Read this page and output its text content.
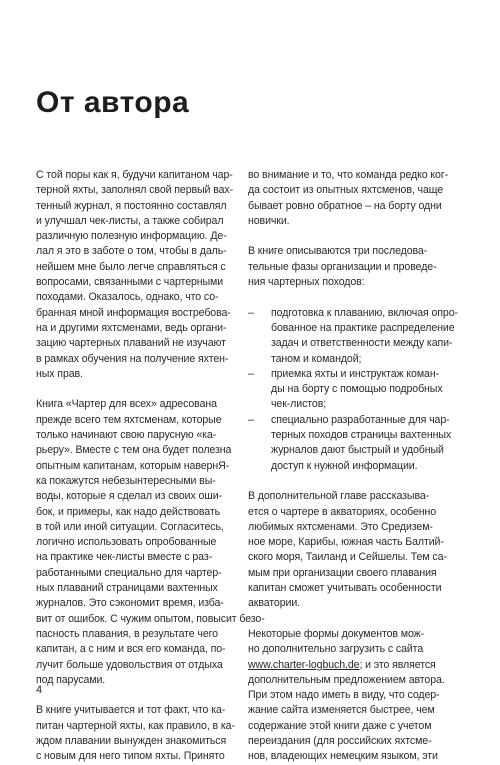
От автора
С той поры как я, будучи капитаном чар-
терной яхты, заполнял свой первый вах-
тенный журнал, я постоянно составлял
и улучшал чек-листы, а также собирал
различную полезную информацию. Де-
лал я это в заботе о том, чтобы в даль-
нейшем мне было легче справляться с
вопросами, связанными с чартерными
походами. Оказалось, однако, что со-
бранная мной информация востребова-
на и другими яхтсменами, ведь органи-
зацию чартерных плаваний не изучают
в рамках обучения на получение яхтен-
ных прав.
Книга «Чартер для всех» адресована
прежде всего тем яхтсменам, которые
только начинают свою парусную «ка-
рьеру». Вместе с тем она будет полезна
опытным капитанам, которым навернЯ-
ка покажутся небезынтересными вы-
воды, которые я сделал из своих оши-
бок, и примеры, как надо действовать
в той или иной ситуации. Согласитесь,
логично использовать опробованные
на практике чек-листы вместе с раз-
работанными специально для чартер-
ных плаваний страницами вахтенных
журналов. Это сэкономит время, изба-
вит от ошибок. С чужим опытом, повысит безо-
пасность плавания, в результате чего
капитан, а с ним и вся его команда, по-
лучит больше удовольствия от отдыха
под парусами.
В книге учитывается и тот факт, что ка-
питан чартерной яхты, как правило, в ка-
ждом плавании вынужден знакомиться
с новым для него типом яхты. Принято
во внимание и то, что команда редко ког-
да состоит из опытных яхтсменов, чаще
бывает ровно обратное – на борту одни
новички.
В книге описываются три последова-
тельные фазы организации и проведе-
ния чартерных походов:
– подготовка к плаванию, включая опро-
бованное на практике распределение
задач и ответственности между капи-
таном и командой;
– приемка яхты и инструктаж коман-
ды на борту с помощью подробных
чек-листов;
– специально разработанные для чар-
терных походов страницы вахтенных
журналов дают быстрый и удобный
доступ к нужной информации.
В дополнительной главе рассказыва-
ется о чартере в акваториях, особенно
любимых яхтсменами. Это Средизем-
ное море, Карибы, южная часть Балтий-
ского моря, Таиланд и Сейшелы. Тем са-
мым при организации своего плавания
капитан сможет учитывать особенности
акватории.
Некоторые формы документов мож-
но дополнительно загрузить с сайта
www.charter-logbuch.de; и это является
дополнительным предложением автора.
При этом надо иметь в виду, что содер-
жание сайта изменяется быстрее, чем
содержание этой книги даже с учетом
переиздания (для российских яхтсме-
нов, владеющих немецким языком, эти
4
